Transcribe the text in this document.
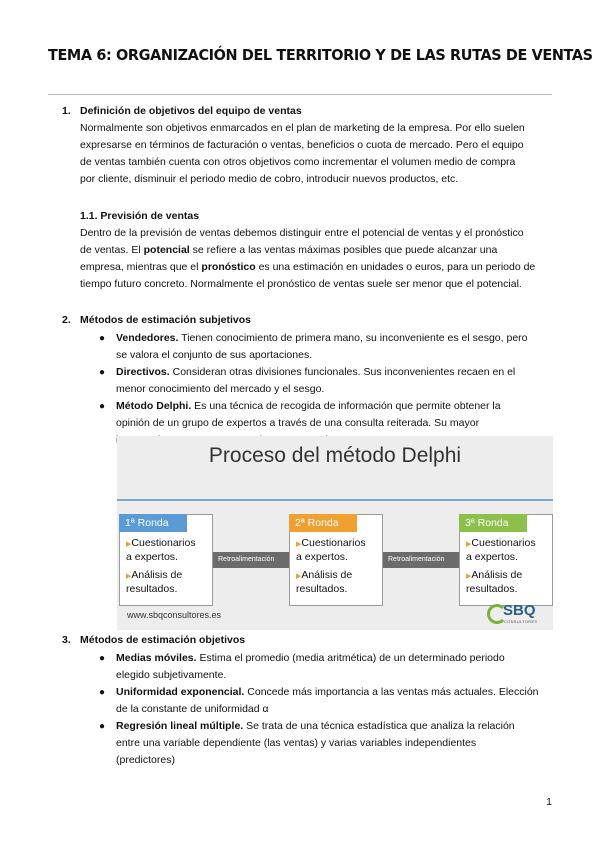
TEMA 6: ORGANIZACIÓN DEL TERRITORIO Y DE LAS RUTAS DE VENTAS
1. Definición de objetivos del equipo de ventas
Normalmente son objetivos enmarcados en el plan de marketing de la empresa. Por ello suelen
expresarse en términos de facturación o ventas, beneficios o cuota de mercado. Pero el equipo
de ventas también cuenta con otros objetivos como incrementar el volumen medio de compra
por cliente, disminuir el periodo medio de cobro, introducir nuevos productos, etc.
1.1. Previsión de ventas
Dentro de la previsión de ventas debemos distinguir entre el potencial de ventas y el pronóstico
de ventas. El potencial se refiere a las ventas máximas posibles que puede alcanzar una
empresa, mientras que el pronóstico es una estimación en unidades o euros, para un periodo de
tiempo futuro concreto. Normalmente el pronóstico de ventas suele ser menor que el potencial.
2. Métodos de estimación subjetivos
● Vendedores. Tienen conocimiento de primera mano, su inconveniente es el sesgo, pero
se valora el conjunto de sus aportaciones.
● Directivos. Consideran otras divisiones funcionales. Sus inconvenientes recaen en el
menor conocimiento del mercado y el sesgo.
● Método Delphi. Es una técnica de recogida de información que permite obtener la
opinión de un grupo de expertos a través de una consulta reiterada. Su mayor
Proceso del método Delphi
1ª Ronda
▶Cuestionarios
a expertos.
▶Análisis de
resultados.
Retroalimentación
2ª Ronda
▶Cuestionarios
a expertos.
▶Análisis de
resultados.
Retroalimentación
3ª Ronda
▶Cuestionarios
a expertos.
▶Análisis de
resultados.
www.sbqconsultores.es	SBQ
CONSULTORES
3. Métodos de estimación objetivos
● Medias móviles. Estima el promedio (media aritmética) de un determinado periodo
elegido subjetivamente.
● Uniformidad exponencial. Concede más importancia a las ventas más actuales. Elección
de la constante de uniformidad α
● Regresión lineal múltiple. Se trata de una técnica estadística que analiza la relación
entre una variable dependiente (las ventas) y varias variables independientes
(predictores)
1
